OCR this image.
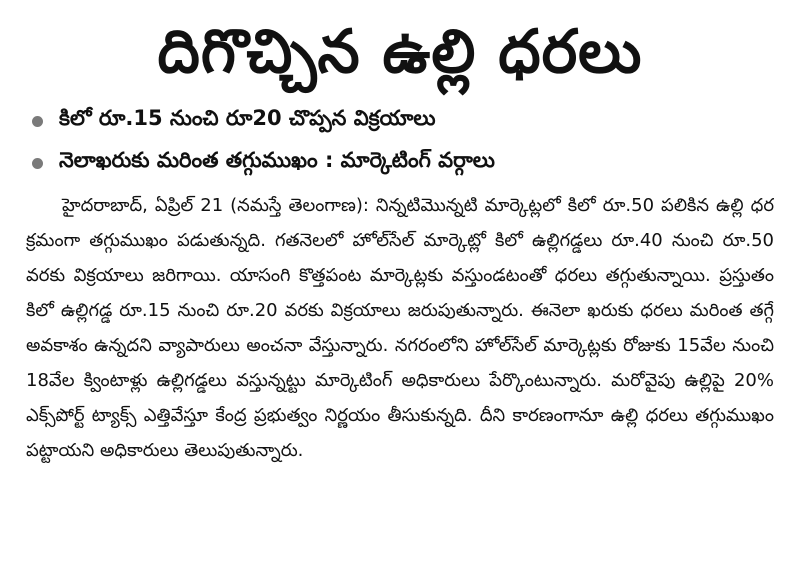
దిగొచ్చిన ఉల్లి ధరలు
కిలో రూ.15 నుంచి రూ20 చొప్పన విక్రయాలు
నెలాఖరుకు మరింత తగ్గుముఖం : మార్కెటింగ్ వర్గాలు

హైదరాబాద్, ఏప్రిల్ 21 (నమస్తే తెలంగాణ): నిన్నటిమొన్నటి మార్కెట్లలో కిలో రూ.50 పలికిన ఉల్లి ధర క్రమంగా తగ్గుముఖం పడుతున్నది. గతనెలలో హోల్‌సేల్ మార్కెట్లో కిలో ఉల్లిగడ్డలు రూ.40 నుంచి రూ.50 వరకు విక్రయాలు జరిగాయి. యాసంగి కొత్తపంట మార్కెట్లకు వస్తుండటంతో ధరలు తగ్గుతున్నాయి. ప్రస్తుతం కిలో ఉల్లిగడ్డ రూ.15 నుంచి రూ.20 వరకు విక్రయాలు జరుపుతున్నారు. ఈనెలా ఖరుకు ధరలు మరింత తగ్గే అవకాశం ఉన్నదని వ్యాపారులు అంచనా వేస్తున్నారు. నగరంలోని హోల్‌సేల్ మార్కెట్లకు రోజుకు 15వేల నుంచి 18వేల క్వింటాళ్లు ఉల్లిగడ్డలు వస్తున్నట్టు మార్కెటింగ్ అధికారులు పేర్కొంటున్నారు. మరోవైపు ఉల్లిపై 20% ఎక్స్‌పోర్ట్ ట్యాక్స్ ఎత్తివేస్తూ కేంద్ర ప్రభుత్వం నిర్ణయం తీసుకున్నది. దీని కారణంగానూ ఉల్లి ధరలు తగ్గుముఖం పట్టాయని అధికారులు తెలుపుతున్నారు.
